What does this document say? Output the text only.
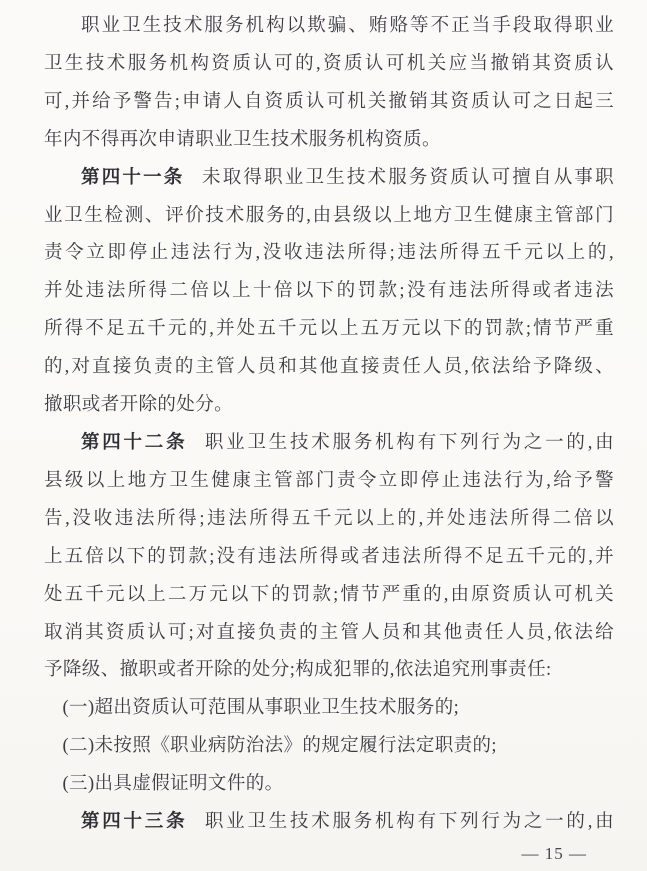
职业卫生技术服务机构以欺骗、贿赂等不正当手段取得职业
卫生技术服务机构资质认可的,资质认可机关应当撤销其资质认
可,并给予警告;申请人自资质认可机关撤销其资质认可之日起三
年内不得再次申请职业卫生技术服务机构资质。
第四十一条 未取得职业卫生技术服务资质认可擅自从事职
业卫生检测、评价技术服务的,由县级以上地方卫生健康主管部门
责令立即停止违法行为,没收违法所得;违法所得五千元以上的,
并处违法所得二倍以上十倍以下的罚款;没有违法所得或者违法
所得不足五千元的,并处五千元以上五万元以下的罚款;情节严重
的,对直接负责的主管人员和其他直接责任人员,依法给予降级、
撤职或者开除的处分。
第四十二条 职业卫生技术服务机构有下列行为之一的,由
县级以上地方卫生健康主管部门责令立即停止违法行为,给予警
告,没收违法所得;违法所得五千元以上的,并处违法所得二倍以
上五倍以下的罚款;没有违法所得或者违法所得不足五千元的,并
处五千元以上二万元以下的罚款;情节严重的,由原资质认可机关
取消其资质认可;对直接负责的主管人员和其他责任人员,依法给
予降级、撤职或者开除的处分;构成犯罪的,依法追究刑事责任:
(一)超出资质认可范围从事职业卫生技术服务的;
(二)未按照《职业病防治法》的规定履行法定职责的;
(三)出具虚假证明文件的。
第四十三条 职业卫生技术服务机构有下列行为之一的,由
— 15 —
